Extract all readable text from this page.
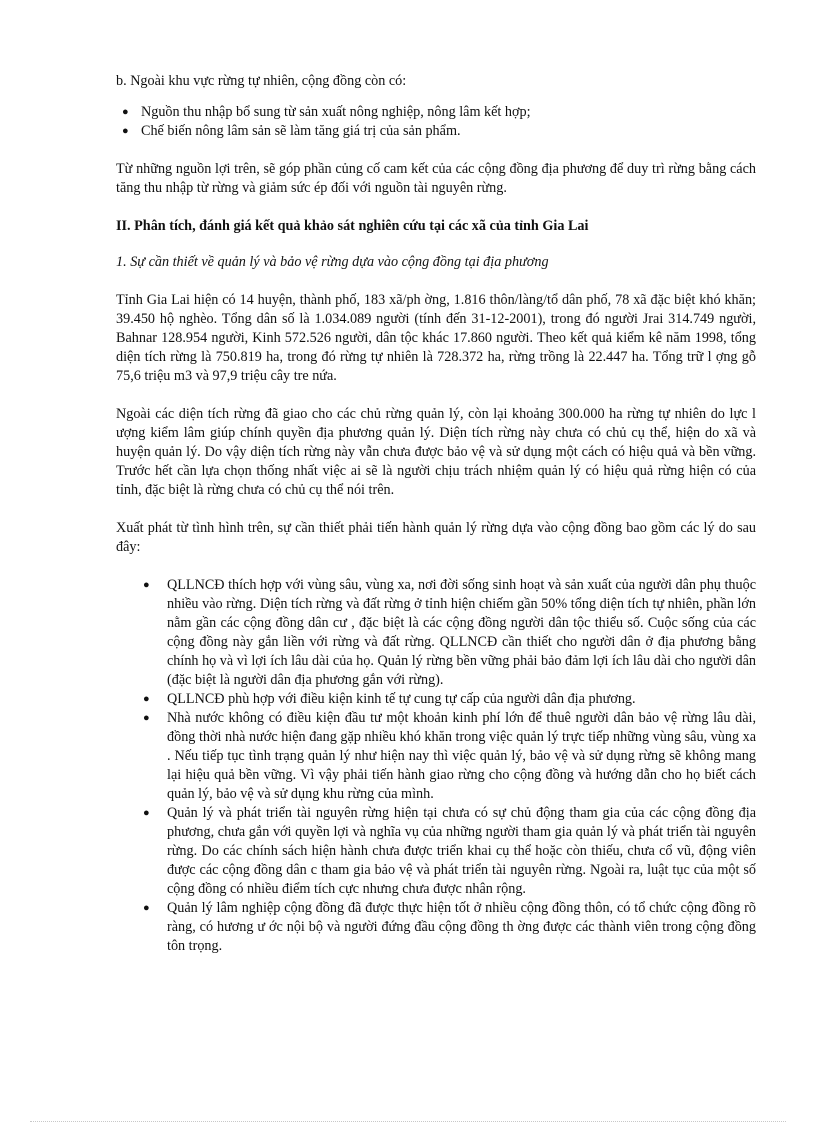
b. Ngoài khu vực rừng tự nhiên, cộng đồng còn có:

● Nguồn thu nhập bổ sung từ sản xuất nông nghiệp, nông lâm kết hợp;
● Chế biến nông lâm sản sẽ làm tăng giá trị của sản phẩm.

Từ những nguồn lợi trên, sẽ góp phần củng cố cam kết của các cộng đồng địa phương để duy trì rừng bằng cách tăng thu nhập từ rừng và giảm sức ép đối với nguồn tài nguyên rừng.

II. Phân tích, đánh giá kết quả khảo sát nghiên cứu tại các xã của tỉnh Gia Lai

1. Sự cần thiết về quản lý và bảo vệ rừng dựa vào cộng đồng tại địa phương

Tỉnh Gia Lai hiện có 14 huyện, thành phố, 183 xã/ph ờng, 1.816 thôn/làng/tổ dân phố, 78 xã đặc biệt khó khăn; 39.450 hộ nghèo. Tổng dân số là 1.034.089 người (tính đến 31-12-2001), trong đó người Jrai 314.749 người, Bahnar 128.954 người, Kinh 572.526 người, dân tộc khác 17.860 người. Theo kết quả kiểm kê năm 1998, tổng diện tích rừng là 750.819 ha, trong đó rừng tự nhiên là 728.372 ha, rừng trồng là 22.447 ha. Tổng trữ l ợng gỗ 75,6 triệu m3 và 97,9 triệu cây tre nứa.

Ngoài các diện tích rừng đã giao cho các chủ rừng quản lý, còn lại khoảng 300.000 ha rừng tự nhiên do lực l ượng kiểm lâm giúp chính quyền địa phương quản lý. Diện tích rừng này chưa có chủ cụ thể, hiện do xã và huyện quản lý. Do vậy diện tích rừng này vẫn chưa được bảo vệ và sử dụng một cách có hiệu quả và bền vững. Trước hết cần lựa chọn thống nhất việc ai sẽ là người chịu trách nhiệm quản lý có hiệu quả rừng hiện có của tỉnh, đặc biệt là rừng chưa có chủ cụ thể nói trên.

Xuất phát từ tình hình trên, sự cần thiết phải tiến hành quản lý rừng dựa vào cộng đồng bao gồm các lý do sau đây:

● QLLNCĐ thích hợp với vùng sâu, vùng xa, nơi đời sống sinh hoạt và sản xuất của người dân phụ thuộc nhiều vào rừng. Diện tích rừng và đất rừng ở tỉnh hiện chiếm gần 50% tổng diện tích tự nhiên, phần lớn nằm gần các cộng đồng dân cư , đặc biệt là các cộng đồng người dân tộc thiểu số. Cuộc sống của các cộng đồng này gắn liền với rừng và đất rừng. QLLNCĐ cần thiết cho người dân ở địa phương bằng chính họ và vì lợi ích lâu dài của họ. Quản lý rừng bền vững phải bảo đảm lợi ích lâu dài cho người dân (đặc biệt là người dân địa phương gắn với rừng).
● QLLNCĐ phù hợp với điều kiện kinh tế tự cung tự cấp của người dân địa phương.
● Nhà nước không có điều kiện đầu tư một khoản kinh phí lớn để thuê người dân bảo vệ rừng lâu dài, đồng thời nhà nước hiện đang gặp nhiều khó khăn trong việc quản lý trực tiếp những vùng sâu, vùng xa . Nếu tiếp tục tình trạng quản lý như hiện nay thì việc quản lý, bảo vệ và sử dụng rừng sẽ không mang lại hiệu quả bền vững. Vì vậy phải tiến hành giao rừng cho cộng đồng và hướng dẫn cho họ biết cách quản lý, bảo vệ và sử dụng khu rừng của mình.
● Quản lý và phát triển tài nguyên rừng hiện tại chưa có sự chủ động tham gia của các cộng đồng địa phương, chưa gắn với quyền lợi và nghĩa vụ của những người tham gia quản lý và phát triển tài nguyên rừng. Do các chính sách hiện hành chưa được triển khai cụ thể hoặc còn thiếu, chưa cổ vũ, động viên được các cộng đồng dân c tham gia bảo vệ và phát triển tài nguyên rừng. Ngoài ra, luật tục của một số cộng đồng có nhiều điểm tích cực nhưng chưa được nhân rộng.
● Quản lý lâm nghiệp cộng đồng đã được thực hiện tốt ở nhiều cộng đồng thôn, có tổ chức cộng đồng rõ ràng, có hương ư ớc nội bộ và người đứng đầu cộng đồng th ờng được các thành viên trong cộng đồng tôn trọng.
